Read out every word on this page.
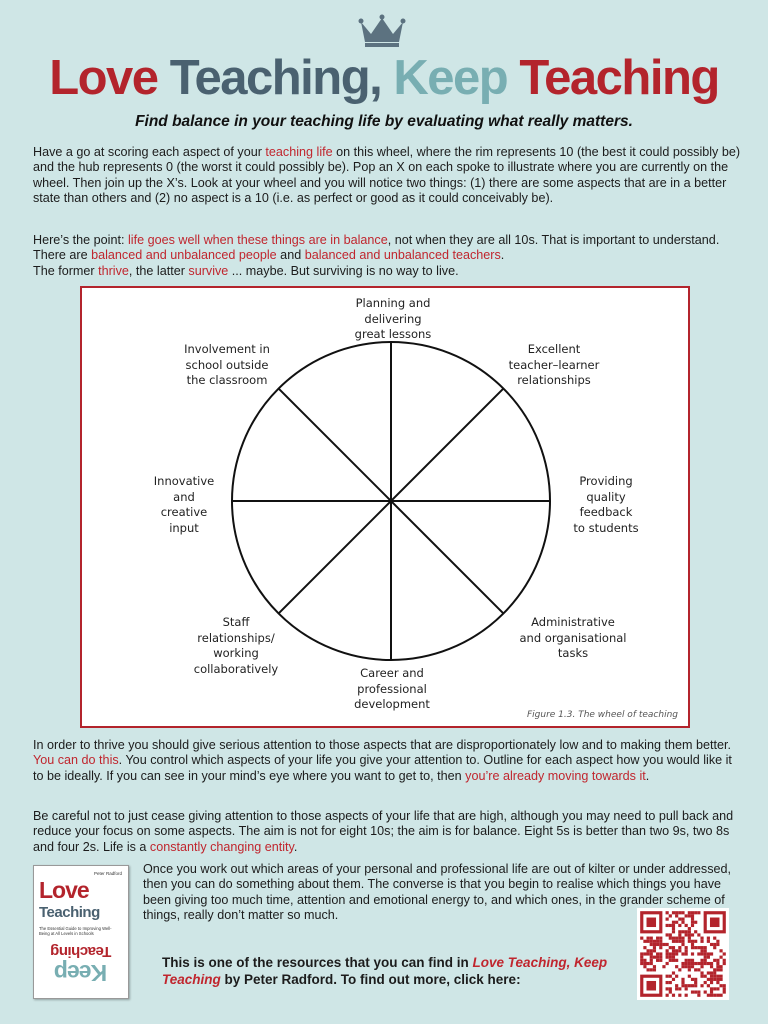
Love Teaching, Keep Teaching
Find balance in your teaching life by evaluating what really matters.

Have a go at scoring each aspect of your teaching life on this wheel, where the rim represents 10 (the best it could possibly be) and the hub represents 0 (the worst it could possibly be). Pop an X on each spoke to illustrate where you are currently on the wheel. Then join up the X’s. Look at your wheel and you will notice two things: (1) there are some aspects that are in a better state than others and (2) no aspect is a 10 (i.e. as perfect or good as it could conceivably be).

Here’s the point: life goes well when these things are in balance, not when they are all 10s. That is important to understand. There are balanced and unbalanced people and balanced and unbalanced teachers.
The former thrive, the latter survive ... maybe. But surviving is no way to live.

Planning and
delivering
great lessons
Excellent
teacher–learner
relationships
Providing
quality
feedback
to students
Administrative
and organisational
tasks
Career and
professional
development
Staff
relationships/
working
collaboratively
Innovative
and
creative
input
Involvement in
school outside
the classroom
Figure 1.3. The wheel of teaching

In order to thrive you should give serious attention to those aspects that are disproportionately low and to making them better. You can do this. You control which aspects of your life you give your attention to. Outline for each aspect how you would like it to be ideally. If you can see in your mind’s eye where you want to get to, then you’re already moving towards it.

Be careful not to just cease giving attention to those aspects of your life that are high, although you may need to pull back and reduce your focus on some aspects. The aim is not for eight 10s; the aim is for balance. Eight 5s is better than two 9s, two 8s and four 2s. Life is a constantly changing entity.

Peter Radford
Love
Teaching
The Essential Guide to Improving Well-Being at All Levels in Schools
Keep
Teaching

Once you work out which areas of your personal and professional life are out of kilter or under addressed, then you can do something about them. The converse is that you begin to realise which things you have been giving too much time, attention and emotional energy to, and which ones, in the grander scheme of things, really don’t matter so much.

This is one of the resources that you can find in Love Teaching, Keep Teaching by Peter Radford. To find out more, click here:
